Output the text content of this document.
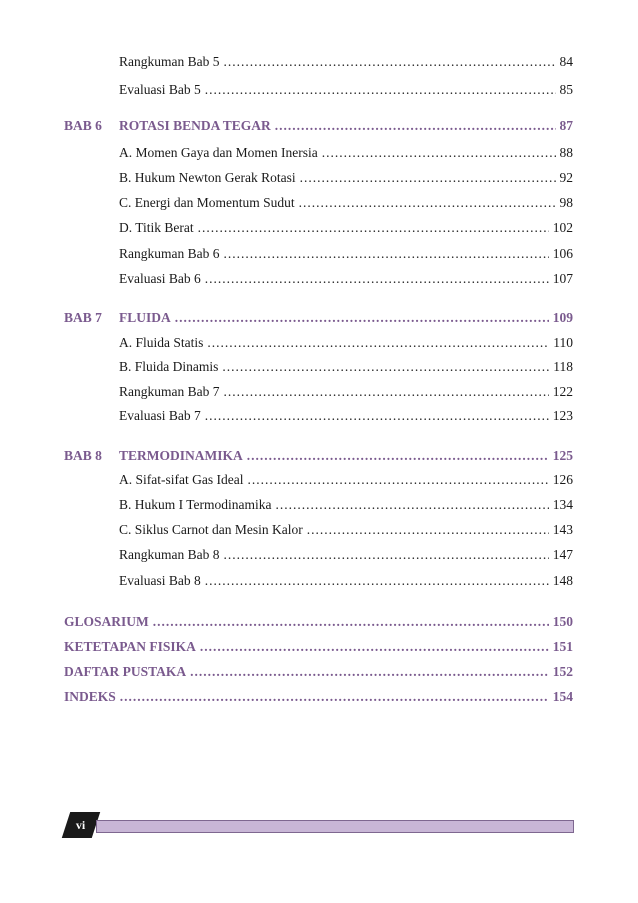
Rangkuman Bab 5 .....	84
Evaluasi Bab 5 .....	85
BAB 6	ROTASI BENDA TEGAR .....	87
A. Momen Gaya dan Momen Inersia .....	88
B. Hukum Newton Gerak Rotasi .....	92
C. Energi dan Momentum Sudut .....	98
D. Titik Berat .....	102
Rangkuman Bab 6 .....	106
Evaluasi Bab 6 .....	107
BAB 7	FLUIDA .....	109
A. Fluida Statis .....	110
B. Fluida Dinamis .....	118
Rangkuman Bab 7 .....	122
Evaluasi Bab 7 .....	123
BAB 8	TERMODINAMIKA .....	125
A. Sifat-sifat Gas Ideal .....	126
B. Hukum I Termodinamika .....	134
C. Siklus Carnot dan Mesin Kalor .....	143
Rangkuman Bab 8 .....	147
Evaluasi Bab 8 .....	148
GLOSARIUM .....	150
KETETAPAN FISIKA .....	151
DAFTAR PUSTAKA .....	152
INDEKS .....	154
vi
